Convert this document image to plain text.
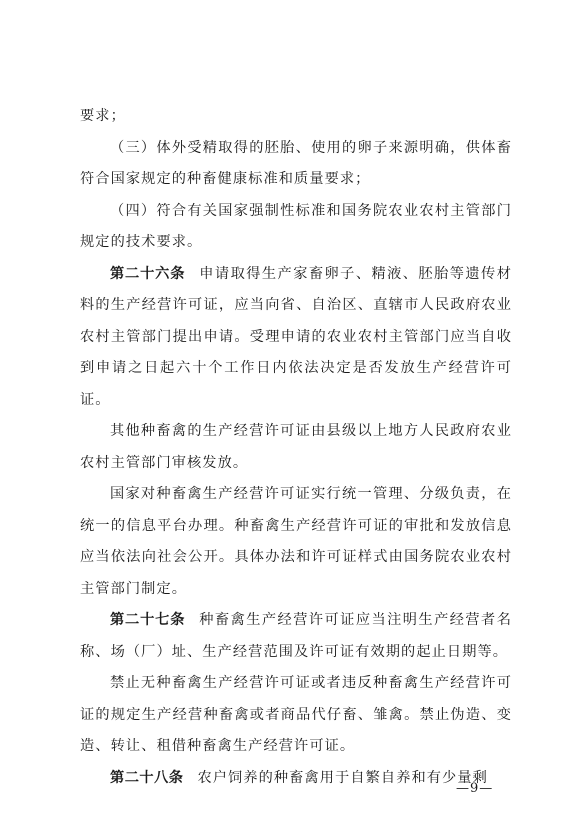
要求；

（三）体外受精取得的胚胎、使用的卵子来源明确，供体畜符合国家规定的种畜健康标准和质量要求；

（四）符合有关国家强制性标准和国务院农业农村主管部门规定的技术要求。

第二十六条 申请取得生产家畜卵子、精液、胚胎等遗传材料的生产经营许可证，应当向省、自治区、直辖市人民政府农业农村主管部门提出申请。受理申请的农业农村主管部门应当自收到申请之日起六十个工作日内依法决定是否发放生产经营许可证。

其他种畜禽的生产经营许可证由县级以上地方人民政府农业农村主管部门审核发放。

国家对种畜禽生产经营许可证实行统一管理、分级负责，在统一的信息平台办理。种畜禽生产经营许可证的审批和发放信息应当依法向社会公开。具体办法和许可证样式由国务院农业农村主管部门制定。

第二十七条 种畜禽生产经营许可证应当注明生产经营者名称、场（厂）址、生产经营范围及许可证有效期的起止日期等。

禁止无种畜禽生产经营许可证或者违反种畜禽生产经营许可证的规定生产经营种畜禽或者商品代仔畜、雏禽。禁止伪造、变造、转让、租借种畜禽生产经营许可证。

第二十八条 农户饲养的种畜禽用于自繁自养和有少量剩

—9—
